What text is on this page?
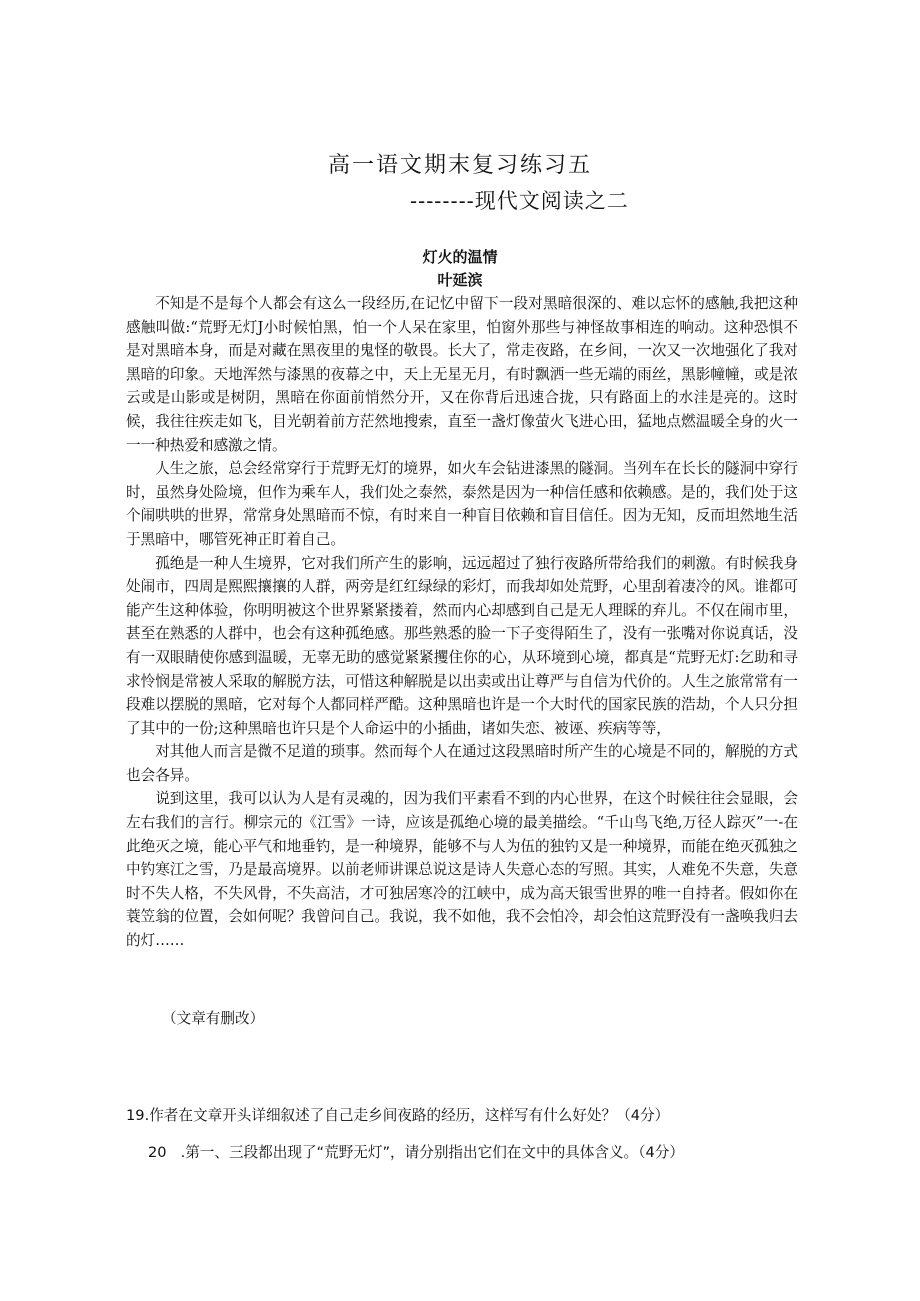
高一语文期末复习练习五
--------现代文阅读之二
灯火的温情
叶延滨

不知是不是每个人都会有这么一段经历,在记忆中留下一段对黑暗很深的、难以忘怀的感触,我把这种感触叫做:“荒野无灯J小时候怕黑，怕一个人呆在家里，怕窗外那些与神怪故事相连的响动。这种恐惧不是对黑暗本身，而是对藏在黑夜里的鬼怪的敬畏。长大了，常走夜路，在乡间，一次又一次地强化了我对黑暗的印象。天地浑然与漆黑的夜幕之中，天上无星无月，有时飘洒一些无端的雨丝，黑影幢幢，或是浓云或是山影或是树阴，黑暗在你面前悄然分开，又在你背后迅速合拢，只有路面上的水洼是亮的。这时候，我往往疾走如飞，目光朝着前方茫然地搜索，直至一盏灯像萤火飞进心田，猛地点燃温暖全身的火一一一种热爱和感激之情。

人生之旅，总会经常穿行于荒野无灯的境界，如火车会钻进漆黑的隧洞。当列车在长长的隧洞中穿行时，虽然身处险境，但作为乘车人，我们处之泰然，泰然是因为一种信任感和依赖感。是的，我们处于这个闹哄哄的世界，常常身处黑暗而不惊，有时来自一种盲目依赖和盲目信任。因为无知，反而坦然地生活于黑暗中，哪管死神正盯着自己。

孤绝是一种人生境界，它对我们所产生的影响，远远超过了独行夜路所带给我们的刺激。有时候我身处闹市，四周是熙熙攘攘的人群，两旁是红红绿绿的彩灯，而我却如处荒野，心里刮着凄冷的风。谁都可能产生这种体验，你明明被这个世界紧紧搂着，然而内心却感到自己是无人理睬的弃儿。不仅在闹市里，甚至在熟悉的人群中，也会有这种孤绝感。那些熟悉的脸一下子变得陌生了，没有一张嘴对你说真话，没有一双眼睛使你感到温暖，无辜无助的感觉紧紧攫住你的心，从环境到心境，都真是“荒野无灯:乞助和寻求怜悯是常被人采取的解脱方法，可惜这种解脱是以出卖或出让尊严与自信为代价的。人生之旅常常有一段难以摆脱的黑暗，它对每个人都同样严酷。这种黑暗也许是一个大时代的国家民族的浩劫，个人只分担了其中的一份;这种黑暗也许只是个人命运中的小插曲，诸如失恋、被诬、疾病等等，

对其他人而言是微不足道的琐事。然而每个人在通过这段黑暗时所产生的心境是不同的，解脱的方式也会各异。

说到这里，我可以认为人是有灵魂的，因为我们平素看不到的内心世界，在这个时候往往会显眼，会左右我们的言行。柳宗元的《江雪》一诗，应该是孤绝心境的最美描绘。“千山鸟飞绝,万径人踪灭”一-在此绝灭之境，能心平气和地垂钓，是一种境界，能够不与人为伍的独钓又是一种境界，而能在绝灭孤独之中钓寒江之雪，乃是最高境界。以前老师讲课总说这是诗人失意心态的写照。其实，人难免不失意，失意时不失人格，不失风骨，不失高洁，才可独居寒冷的江峡中，成为高天银雪世界的唯一自持者。假如你在蓑笠翁的位置，会如何呢？我曾问自己。我说，我不如他，我不会怕冷，却会怕这荒野没有一盏唤我归去的灯……

（文章有删改）
19.作者在文章开头详细叙述了自己走乡间夜路的经历，这样写有什么好处？（4分）
20 .第一、三段都出现了“荒野无灯”，请分别指出它们在文中的具体含义。（4分）
